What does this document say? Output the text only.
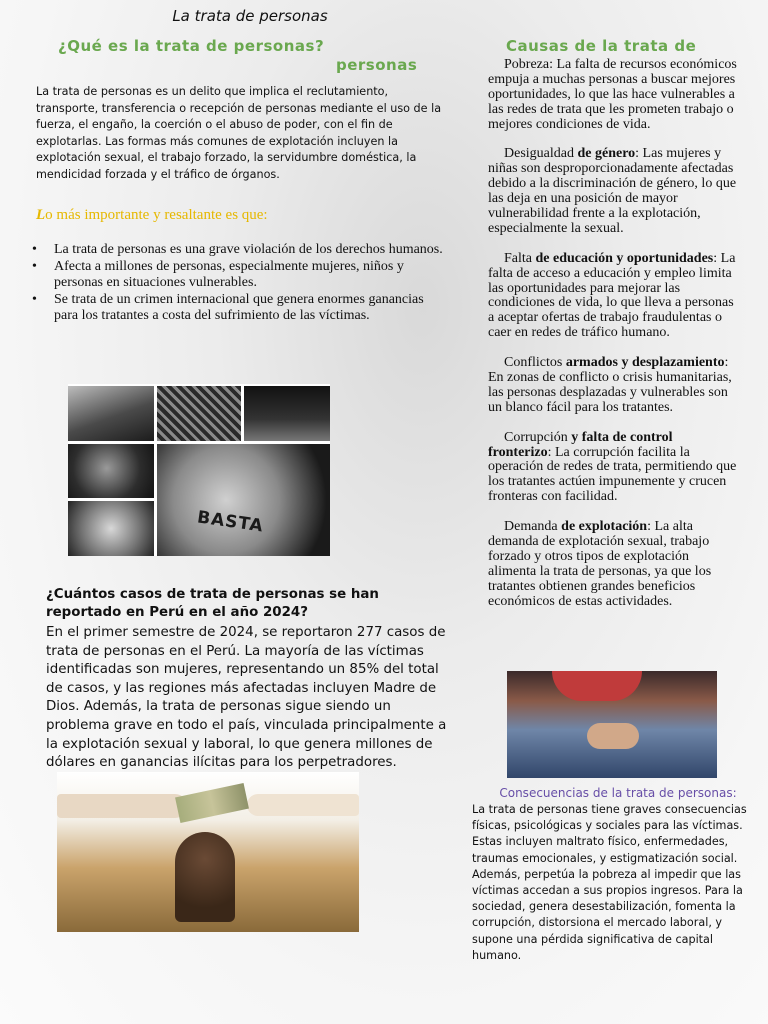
La trata de personas
¿Qué es la trata de personas?
personas
La trata de personas es un delito que implica el reclutamiento, transporte, transferencia o recepción de personas mediante el uso de la fuerza, el engaño, la coerción o el abuso de poder, con el fin de explotarlas. Las formas más comunes de explotación incluyen la explotación sexual, el trabajo forzado, la servidumbre doméstica, la mendicidad forzada y el tráfico de órganos.
Lo más importante y resaltante es que:
• La trata de personas es una grave violación de los derechos humanos.
• Afecta a millones de personas, especialmente mujeres, niños y personas en situaciones vulnerables.
• Se trata de un crimen internacional que genera enormes ganancias para los tratantes a costa del sufrimiento de las víctimas.
BASTA
¿Cuántos casos de trata de personas se han reportado en Perú en el año 2024?
En el primer semestre de 2024, se reportaron 277 casos de trata de personas en el Perú. La mayoría de las víctimas identificadas son mujeres, representando un 85% del total de casos, y las regiones más afectadas incluyen Madre de Dios. Además, la trata de personas sigue siendo un problema grave en todo el país, vinculada principalmente a la explotación sexual y laboral, lo que genera millones de dólares en ganancias ilícitas para los perpetradores.
Causas de la trata de

Pobreza: La falta de recursos económicos empuja a muchas personas a buscar mejores oportunidades, lo que las hace vulnerables a las redes de trata que les prometen trabajo o mejores condiciones de vida.

Desigualdad de género: Las mujeres y niñas son desproporcionadamente afectadas debido a la discriminación de género, lo que las deja en una posición de mayor vulnerabilidad frente a la explotación, especialmente la sexual.

Falta de educación y oportunidades: La falta de acceso a educación y empleo limita las oportunidades para mejorar las condiciones de vida, lo que lleva a personas a aceptar ofertas de trabajo fraudulentas o caer en redes de tráfico humano.

Conflictos armados y desplazamiento: En zonas de conflicto o crisis humanitarias, las personas desplazadas y vulnerables son un blanco fácil para los tratantes.

Corrupción y falta de control fronterizo: La corrupción facilita la operación de redes de trata, permitiendo que los tratantes actúen impunemente y crucen fronteras con facilidad.

Demanda de explotación: La alta demanda de explotación sexual, trabajo forzado y otros tipos de explotación alimenta la trata de personas, ya que los tratantes obtienen grandes beneficios económicos de estas actividades.

Consecuencias de la trata de personas:
La trata de personas tiene graves consecuencias físicas, psicológicas y sociales para las víctimas. Estas incluyen maltrato físico, enfermedades, traumas emocionales, y estigmatización social. Además, perpetúa la pobreza al impedir que las víctimas accedan a sus propios ingresos. Para la sociedad, genera desestabilización, fomenta la corrupción, distorsiona el mercado laboral, y supone una pérdida significativa de capital humano.
